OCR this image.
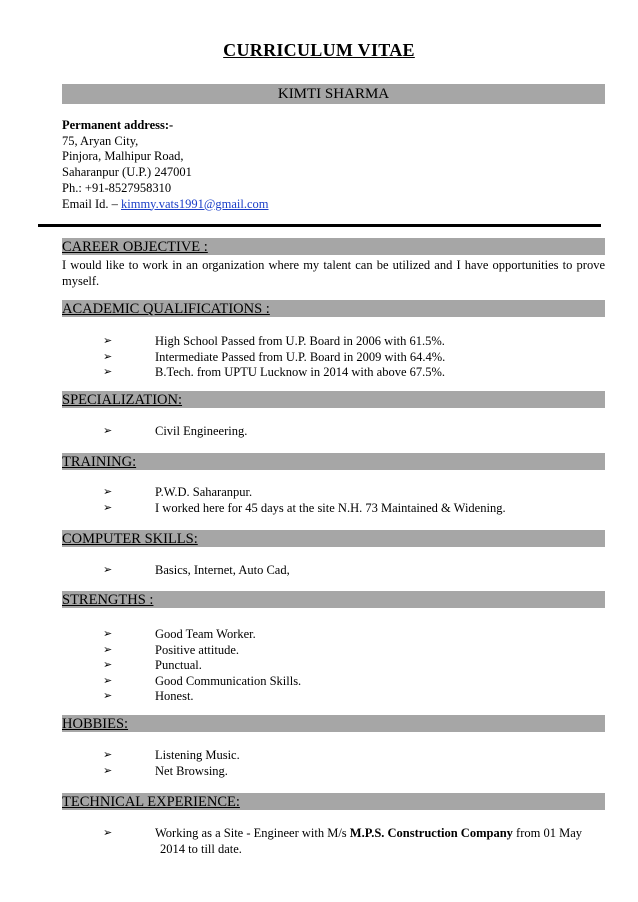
CURRICULUM VITAE
KIMTI SHARMA
Permanent address:-
75, Aryan City,
Pinjora, Malhipur Road,
Saharanpur (U.P.) 247001
Ph.: +91-8527958310
Email Id. – kimmy.vats1991@gmail.com
CAREER OBJECTIVE :
I would like to work in an organization where my talent can be utilized and I have opportunities to prove myself.
ACADEMIC QUALIFICATIONS :
➢	High School Passed from U.P. Board in 2006 with 61.5%.
➢	Intermediate Passed from U.P. Board in 2009 with 64.4%.
➢	B.Tech. from UPTU Lucknow in 2014 with above 67.5%.
SPECIALIZATION:
➢	Civil Engineering.
TRAINING:
➢	P.W.D. Saharanpur.
➢	I worked here for 45 days at the site N.H. 73 Maintained & Widening.
COMPUTER SKILLS:
➢	Basics, Internet, Auto Cad,
STRENGTHS :
➢	Good Team Worker.
➢	Positive attitude.
➢	Punctual.
➢	Good Communication Skills.
➢	Honest.
HOBBIES:
➢	Listening Music.
➢	Net Browsing.
TECHNICAL EXPERIENCE:
➢	Working as a Site - Engineer with M/s M.P.S. Construction Company from 01 May
2014 to till date.
